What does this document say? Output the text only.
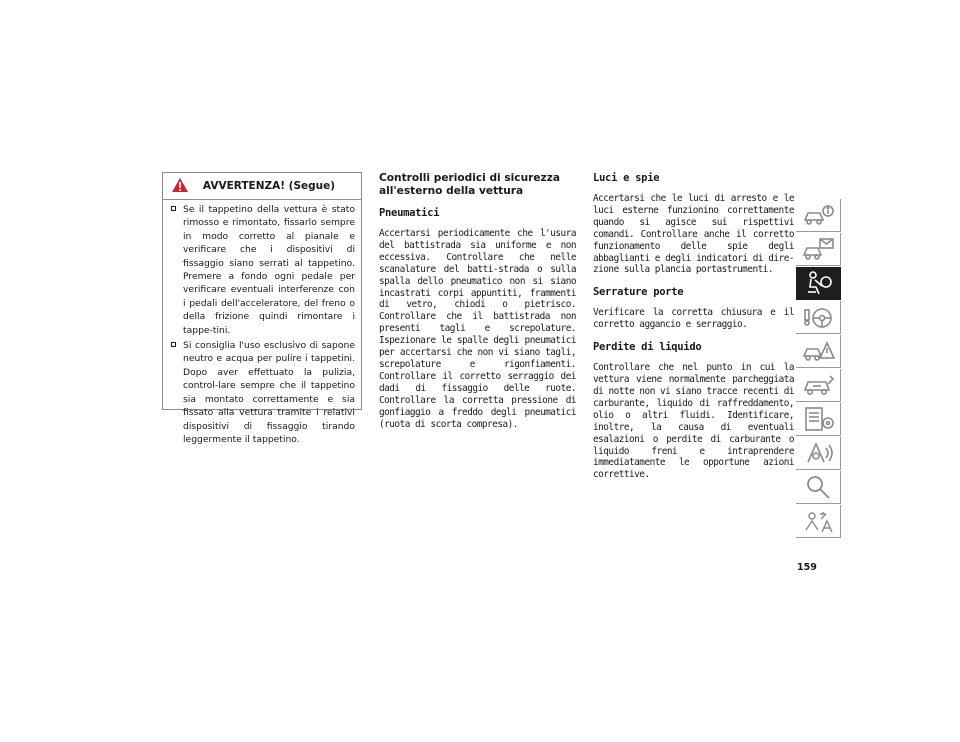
AVVERTENZA! (Segue)
Se il tappetino della vettura è stato rimosso e rimontato, fissarlo sempre in modo corretto al pianale e verificare che i dispositivi di fissaggio siano serrati al tappetino. Premere a fondo ogni pedale per verificare eventuali interferenze con i pedali dell'acceleratore, del freno o della frizione quindi rimontare i tappe-tini.
Si consiglia l'uso esclusivo di sapone neutro e acqua per pulire i tappetini. Dopo aver effettuato la pulizia, control-lare sempre che il tappetino sia montato correttamente e sia fissato alla vettura tramite i relativi dispositivi di fissaggio tirando leggermente il tappetino.
Controlli periodici di sicurezza all'esterno della vettura
Pneumatici

Accertarsi periodicamente che l'usura del battistrada sia uniforme e non eccessiva. Controllare che nelle scanalature del batti-strada o sulla spalla dello pneumatico non si siano incastrati corpi appuntiti, frammenti di vetro, chiodi o pietrisco. Controllare che il battistrada non presenti tagli e screpolature. Ispezionare le spalle degli pneumatici per accertarsi che non vi siano tagli, screpolature e rigonfiamenti. Controllare il corretto serraggio dei dadi di fissaggio delle ruote. Controllare la corretta pressione di gonfiaggio a freddo degli pneumatici (ruota di scorta compresa).

Luci e spie

Accertarsi che le luci di arresto e le luci esterne funzionino correttamente quando si agisce sui rispettivi comandi. Controllare anche il corretto funzionamento delle spie degli abbaglianti e degli indicatori di dire-zione sulla plancia portastrumenti.

Serrature porte

Verificare la corretta chiusura e il corretto aggancio e serraggio.

Perdite di liquido

Controllare che nel punto in cui la vettura viene normalmente parcheggiata di notte non vi siano tracce recenti di carburante, liquido di raffreddamento, olio o altri fluidi. Identificare, inoltre, la causa di eventuali esalazioni o perdite di carburante o liquido freni e intraprendere immediatamente le opportune azioni correttive.

159
